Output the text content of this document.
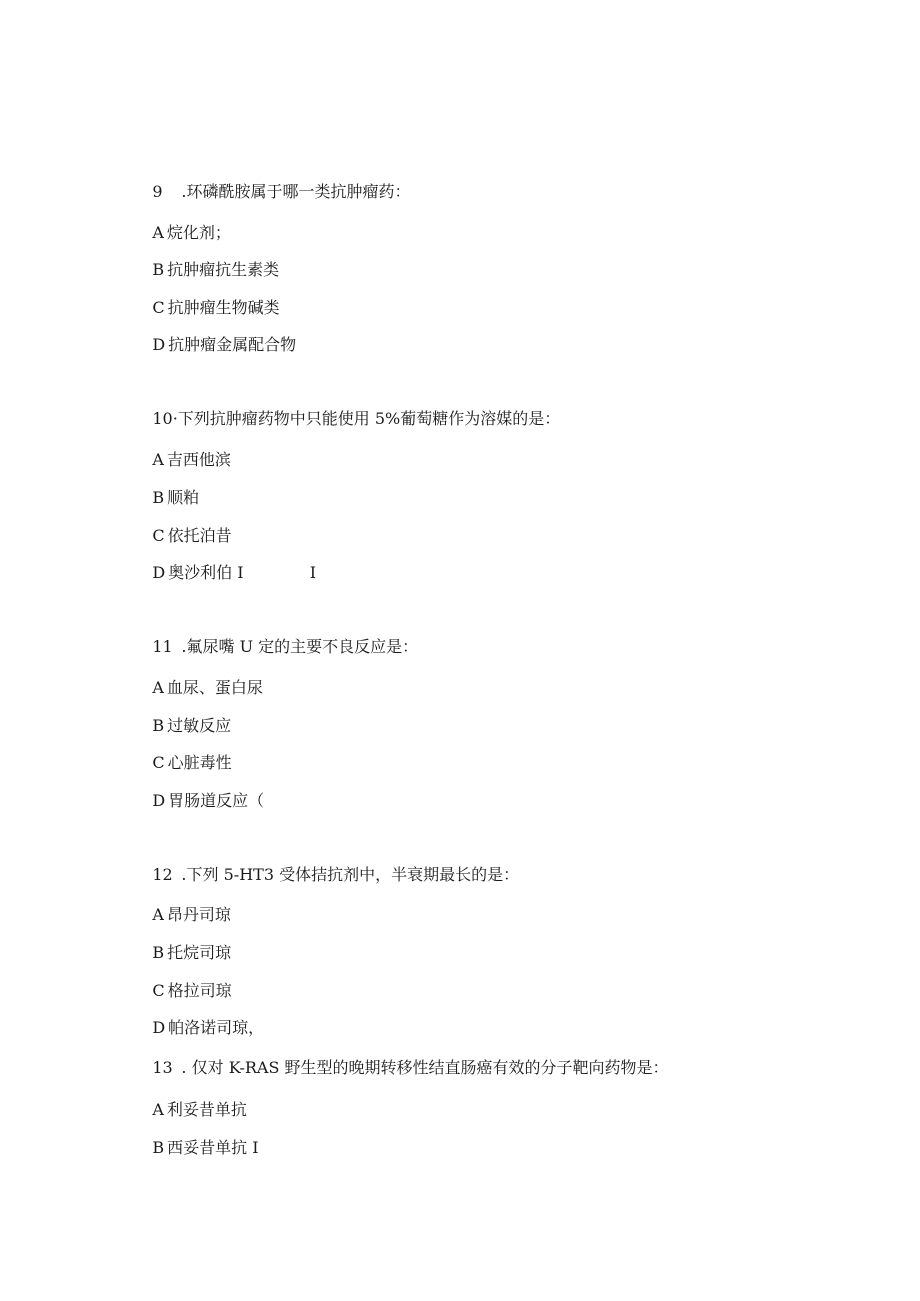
9 .环磷酰胺属于哪一类抗肿瘤药：

A 烷化剂；

B 抗肿瘤抗生素类

C 抗肿瘤生物碱类

D 抗肿瘤金属配合物

10·下列抗肿瘤药物中只能使用 5%葡萄糖作为溶媒的是：

A 吉西他滨

B 顺粕

C 依托泊昔

D 奥沙利伯 I             I

11 .氟尿嘴 U 定的主要不良反应是：

A 血尿、蛋白尿

B 过敏反应

C 心脏毒性

D 胃肠道反应（

12 .下列 5-HT3 受体拮抗剂中，半衰期最长的是：

A 昂丹司琼

B 托烷司琼

C 格拉司琼

D 帕洛诺司琼，

13 . 仅对 K-RAS 野生型的晚期转移性结直肠癌有效的分子靶向药物是：

A 利妥昔单抗

B 西妥昔单抗 I
